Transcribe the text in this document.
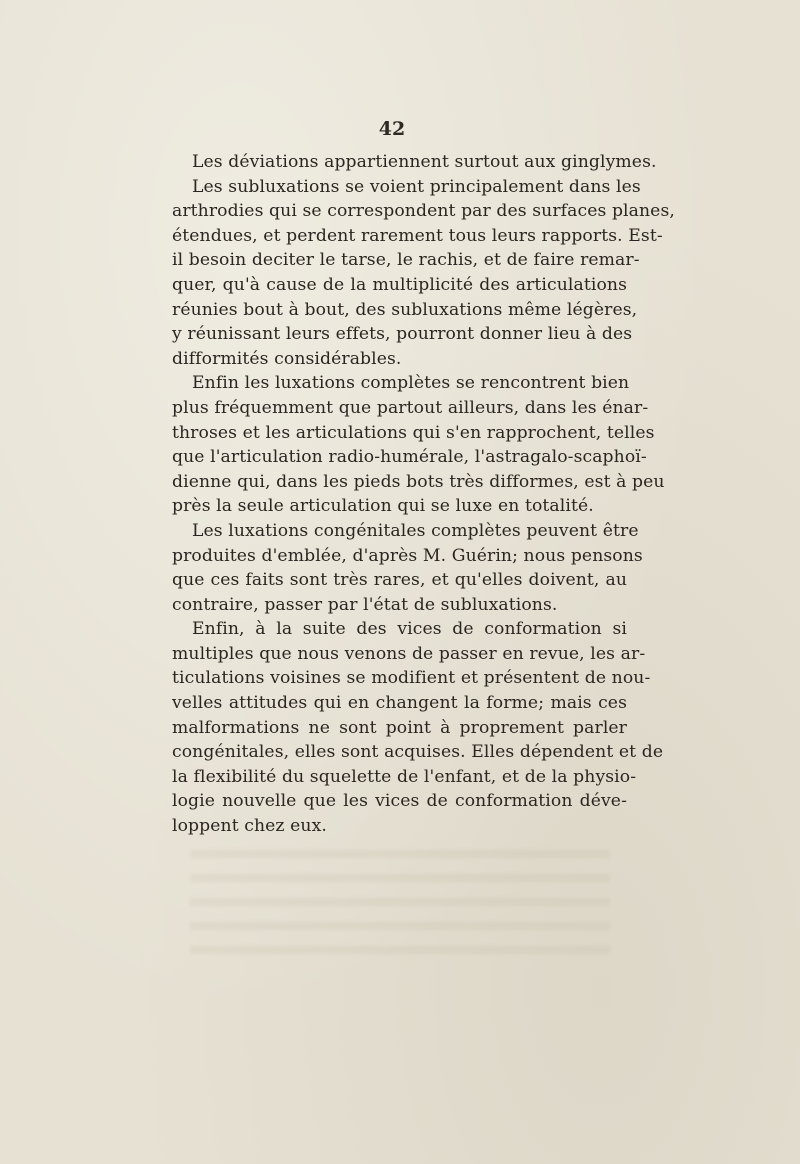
42
Les déviations appartiennent surtout aux ginglymes.
Les subluxations se voient principalement dans les
arthrodies qui se correspondent par des surfaces planes,
étendues, et perdent rarement tous leurs rapports. Est-
il besoin deciter le tarse, le rachis, et de faire remar-
quer, qu'à cause de la multiplicité des articulations
réunies bout à bout, des subluxations même légères,
y réunissant leurs effets, pourront donner lieu à des
difformités considérables.
Enfin les luxations complètes se rencontrent bien
plus fréquemment que partout ailleurs, dans les énar-
throses et les articulations qui s'en rapprochent, telles
que l'articulation radio-humérale, l'astragalo-scaphoï-
dienne qui, dans les pieds bots très difformes, est à peu
près la seule articulation qui se luxe en totalité.
Les luxations congénitales complètes peuvent être
produites d'emblée, d'après M. Guérin; nous pensons
que ces faits sont très rares, et qu'elles doivent, au
contraire, passer par l'état de subluxations.
Enfin, à la suite des vices de conformation si
multiples que nous venons de passer en revue, les ar-
ticulations voisines se modifient et présentent de nou-
velles attitudes qui en changent la forme; mais ces
malformations ne sont point à proprement parler
congénitales, elles sont acquises. Elles dépendent et de
la flexibilité du squelette de l'enfant, et de la physio-
logie nouvelle que les vices de conformation déve-
loppent chez eux.
